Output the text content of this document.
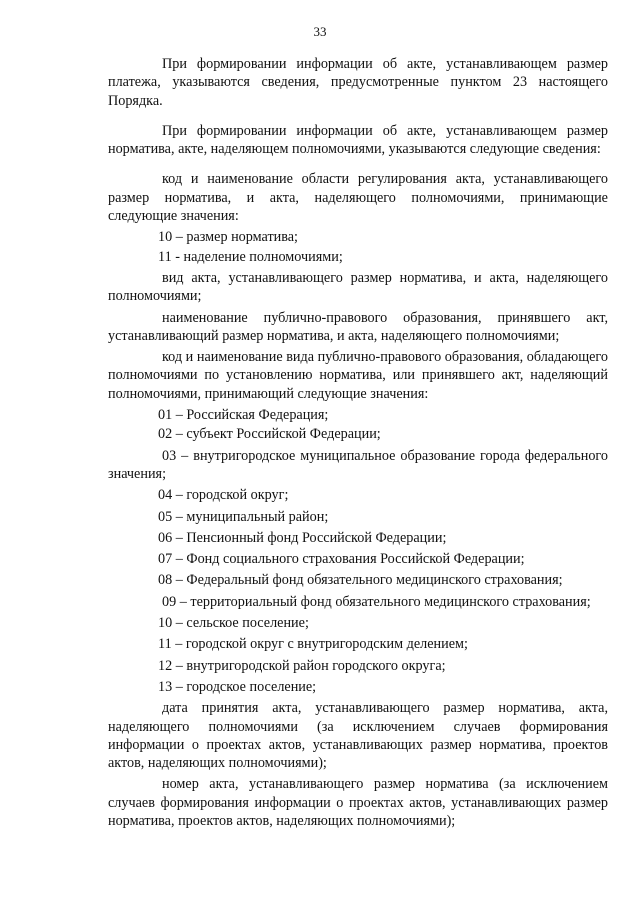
33

При формировании информации об акте, устанавливающем размер платежа, указываются сведения, предусмотренные пунктом 23 настоящего Порядка.

При формировании информации об акте, устанавливающем размер норматива, акте, наделяющем полномочиями, указываются следующие сведения:

код и наименование области регулирования акта, устанавливающего размер норматива, и акта, наделяющего полномочиями, принимающие следующие значения:

10 – размер норматива;

11 - наделение полномочиями;

вид акта, устанавливающего размер норматива, и акта, наделяющего полномочиями;

наименование публично-правового образования, принявшего акт, устанавливающий размер норматива, и акта, наделяющего полномочиями;

код и наименование вида публично-правового образования, обладающего полномочиями по установлению норматива, или принявшего акт, наделяющий полномочиями, принимающий следующие значения:

01 – Российская Федерация;

02 – субъект Российской Федерации;

03 – внутригородское муниципальное образование города федерального значения;

04 – городской округ;

05 – муниципальный район;

06 – Пенсионный фонд Российской Федерации;

07 – Фонд социального страхования Российской Федерации;

08 – Федеральный фонд обязательного медицинского страхования;

09 – территориальный фонд обязательного медицинского страхования;

10 – сельское поселение;

11 – городской округ с внутригородским делением;

12 – внутригородской район городского округа;

13 – городское поселение;

дата принятия акта, устанавливающего размер норматива, акта, наделяющего полномочиями (за исключением случаев формирования информации о проектах актов, устанавливающих размер норматива, проектов актов, наделяющих полномочиями);

номер акта, устанавливающего размер норматива (за исключением случаев формирования информации о проектах актов, устанавливающих размер норматива, проектов актов, наделяющих полномочиями);
